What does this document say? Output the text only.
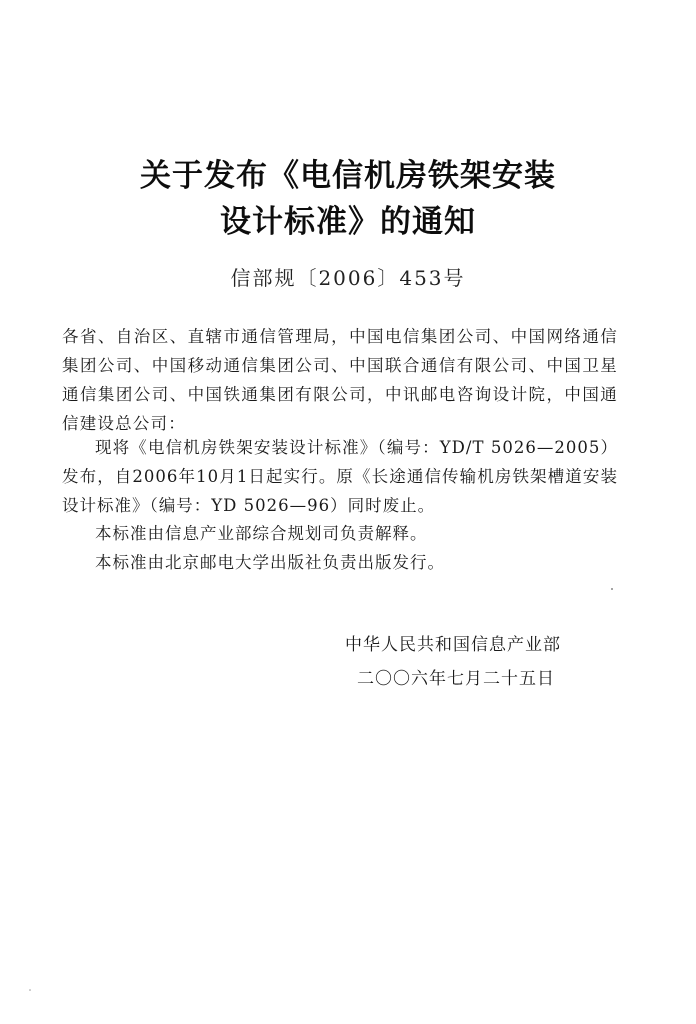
关于发布《电信机房铁架安装
设计标准》的通知
信部规〔2006〕453号
各省、自治区、直辖市通信管理局，中国电信集团公司、中国网络通信集团公司、中国移动通信集团公司、中国联合通信有限公司、中国卫星通信集团公司、中国铁通集团有限公司，中讯邮电咨询设计院，中国通信建设总公司：
现将《电信机房铁架安装设计标准》（编号：YD/T 5026—2005）发布，自2006年10月1日起实行。原《长途通信传输机房铁架槽道安装设计标准》（编号：YD 5026—96）同时废止。
本标准由信息产业部综合规划司负责解释。
本标准由北京邮电大学出版社负责出版发行。
中华人民共和国信息产业部
二〇〇六年七月二十五日
